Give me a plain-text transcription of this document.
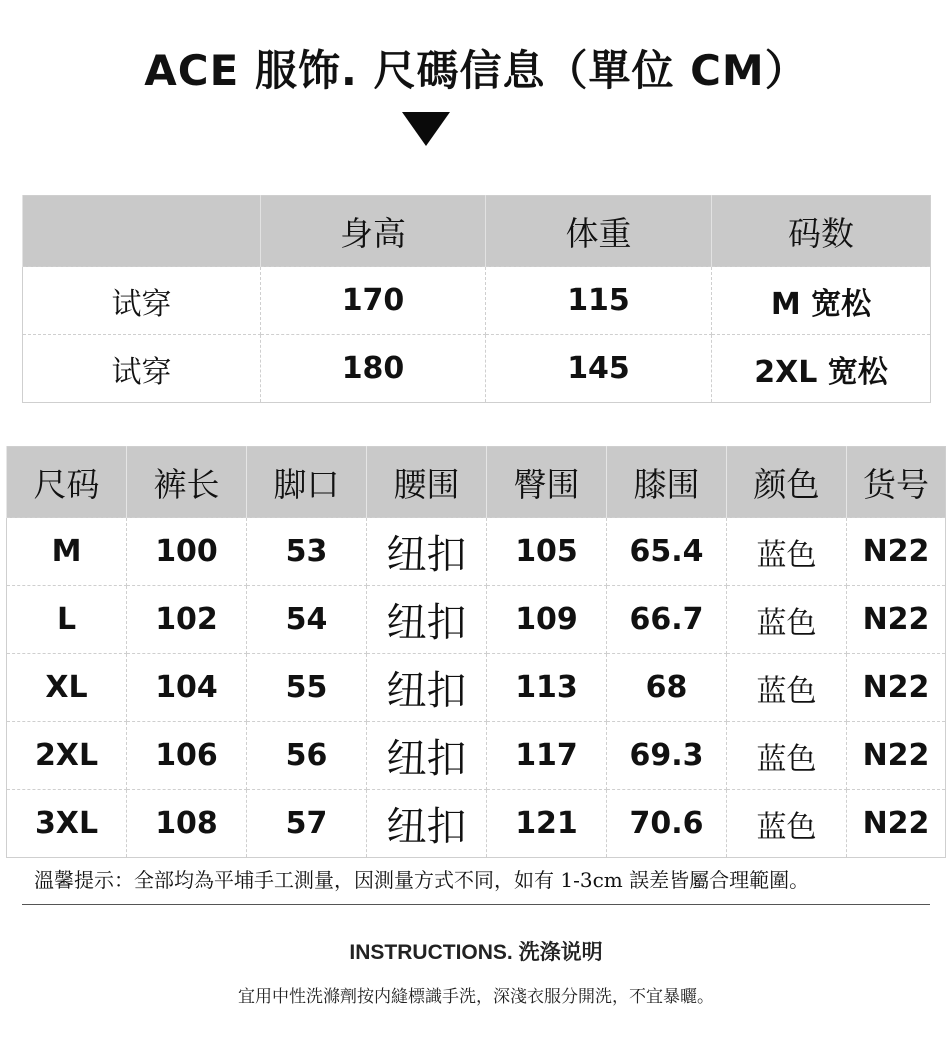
ACE 服饰. 尺碼信息（單位 CM）
	身高	体重	码数
试穿	170	115	M 宽松
试穿	180	145	2XL 宽松
尺码	裤长	脚口	腰围	臀围	膝围	颜色	货号
M	100	53	纽扣	105	65.4	蓝色	N22
L	102	54	纽扣	109	66.7	蓝色	N22
XL	104	55	纽扣	113	68	蓝色	N22
2XL	106	56	纽扣	117	69.3	蓝色	N22
3XL	108	57	纽扣	121	70.6	蓝色	N22
溫馨提示：全部均為平埔手工測量，因測量方式不同，如有 1-3cm 誤差皆屬合理範圍。
INSTRUCTIONS. 洗涤说明
宜用中性洗滌劑按内縫標識手洗，深淺衣服分開洗，不宜暴曬。
